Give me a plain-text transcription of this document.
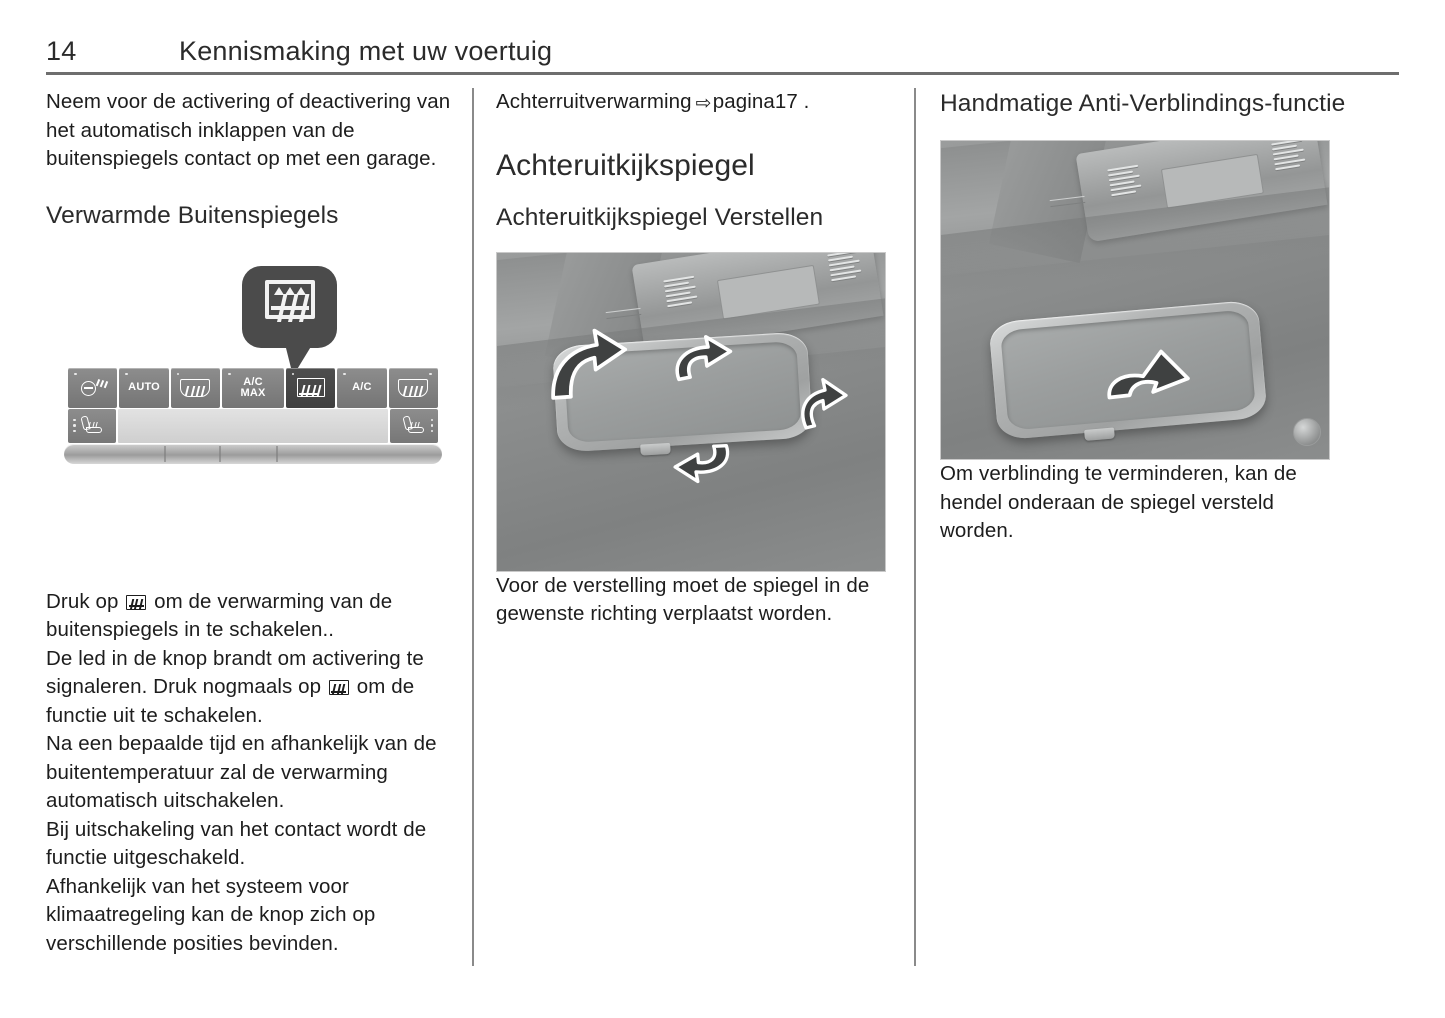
14	Kennismaking met uw voertuig

Neem voor de activering of deactivering van het automatisch inklappen van de buitenspiegels contact op met een garage.

Verwarmde Buitenspiegels
AUTO	A/C
MAX	A/C

Druk op om de verwarming van de buitenspiegels in te schakelen..

De led in de knop brandt om activering te signaleren. Druk nogmaals op om de functie uit te schakelen.

Na een bepaalde tijd en afhankelijk van de buitentemperatuur zal de verwarming automatisch uitschakelen.

Bij uitschakeling van het contact wordt de functie uitgeschakeld.

Afhankelijk van het systeem voor klimaatregeling kan de knop zich op verschillende posities bevinden.

Achterruitverwarming ⇨pagina17 .

Achteruitkijkspiegel
Achteruitkijkspiegel Verstellen

Voor de verstelling moet de spiegel in de gewenste richting verplaatst worden.

Handmatige Anti-Verblindings-functie

Om verblinding te verminderen, kan de hendel onderaan de spiegel versteld worden.
